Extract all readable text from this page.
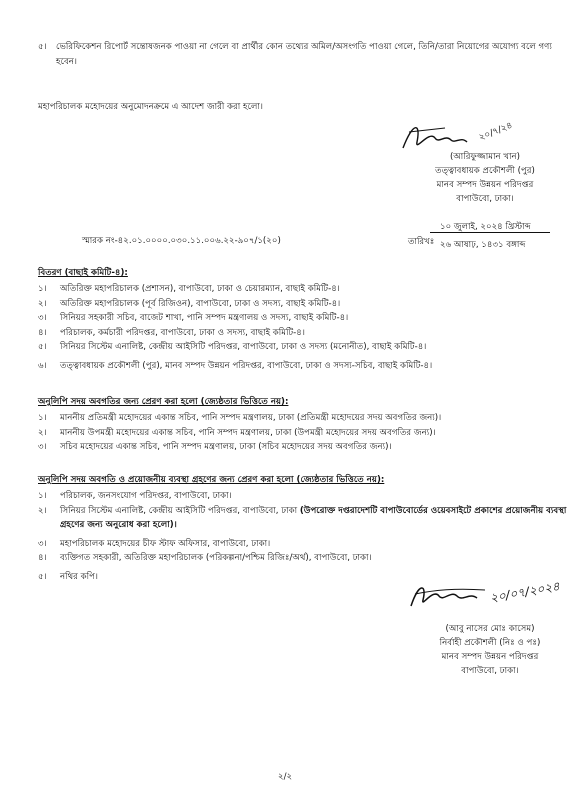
৫।	ভেরিফিকেশন রিপোর্ট সন্তোষজনক পাওয়া না গেলে বা প্রার্থীর কোন তথ্যের অমিল/অসংগতি পাওয়া গেলে, তিনি/তারা নিয়োগের অযোগ্য বলে গণ্য হবেন।
মহাপরিচালক মহোদয়ের অনুমোদনক্রমে এ আদেশ জারী করা হলো।
২০/৭/২৪
(আরিফুজ্জামান খান)
তত্ত্বাবধায়ক প্রকৌশলী (পুর)
মানব সম্পদ উন্নয়ন পরিদপ্তর
বাপাউবো, ঢাকা।
স্মারক নং-৪২.০১.০০০০.০৩০.১১.০০৬.২২-৯০৭/১(২০)	তারিখঃ
১০ জুলাই, ২০২৪ খ্রিস্টাব্দ
২৬ আষাঢ়, ১৪৩১ বঙ্গাব্দ
বিতরণ (বাছাই কমিটি-৪):
১।	অতিরিক্ত মহাপরিচালক (প্রশাসন), বাপাউবো, ঢাকা ও চেয়ারম্যান, বাছাই কমিটি-৪।
২।	অতিরিক্ত মহাপরিচালক (পূর্ব রিজিওন), বাপাউবো, ঢাকা ও সদস্য, বাছাই কমিটি-৪।
৩।	সিনিয়র সহকারী সচিব, বাজেট শাখা, পানি সম্পদ মন্ত্রণালয় ও সদস্য, বাছাই কমিটি-৪।
৪।	পরিচালক, কর্মচারী পরিদপ্তর, বাপাউবো, ঢাকা ও সদস্য, বাছাই কমিটি-৪।
৫।	সিনিয়র সিস্টেম এনালিষ্ট, কেন্দ্রীয় আইসিটি পরিদপ্তর, বাপাউবো, ঢাকা ও সদস্য (মনোনীত), বাছাই কমিটি-৪।
৬।	তত্ত্বাবধায়ক প্রকৌশলী (পুর), মানব সম্পদ উন্নয়ন পরিদপ্তর, বাপাউবো, ঢাকা ও সদস্য-সচিব, বাছাই কমিটি-৪।
অনুলিপি সদয় অবগতির জন্য প্রেরণ করা হলো (জ্যেষ্ঠতার ভিত্তিতে নয়):
১।	মাননীয় প্রতিমন্ত্রী মহোদয়ের একান্ত সচিব, পানি সম্পদ মন্ত্রণালয়, ঢাকা (প্রতিমন্ত্রী মহোদয়ের সদয় অবগতির জন্য)।
২।	মাননীয় উপমন্ত্রী মহোদয়ের একান্ত সচিব, পানি সম্পদ মন্ত্রণালয়, ঢাকা (উপমন্ত্রী মহোদয়ের সদয় অবগতির জন্য)।
৩।	সচিব মহোদয়ের একান্ত সচিব, পানি সম্পদ মন্ত্রণালয়, ঢাকা (সচিব মহোদয়ের সদয় অবগতির জন্য)।
অনুলিপি সদয় অবগতি ও প্রয়োজনীয় ব্যবস্থা গ্রহণের জন্য প্রেরণ করা হলো (জ্যেষ্ঠতার ভিত্তিতে নয়):
১।	পরিচালক, জনসংযোগ পরিদপ্তর, বাপাউবো, ঢাকা।
২।	সিনিয়র সিস্টেম এনালিষ্ট, কেন্দ্রীয় আইসিটি পরিদপ্তর, বাপাউবো, ঢাকা (উপরোক্ত দপ্তরাদেশটি বাপাউবোর্ডের ওয়েবসাইটে প্রকাশের প্রয়োজনীয় ব্যবস্থা গ্রহণের জন্য অনুরোধ করা হলো)।
৩।	মহাপরিচালক মহোদয়ের চীফ স্টাফ অফিসার, বাপাউবো, ঢাকা।
৪।	ব্যক্তিগত সহকারী, অতিরিক্ত মহাপরিচালক (পরিকল্পনা/পশ্চিম রিজিঃ/অর্থ), বাপাউবো, ঢাকা।
৫।	নথির কপি।
২০/০৭/২০২৪
(আবু নাসের মোঃ কাসেম)
নির্বাহী প্রকৌশলী (নিঃ ও পঃ)
মানব সম্পদ উন্নয়ন পরিদপ্তর
বাপাউবো, ঢাকা।
২/২
